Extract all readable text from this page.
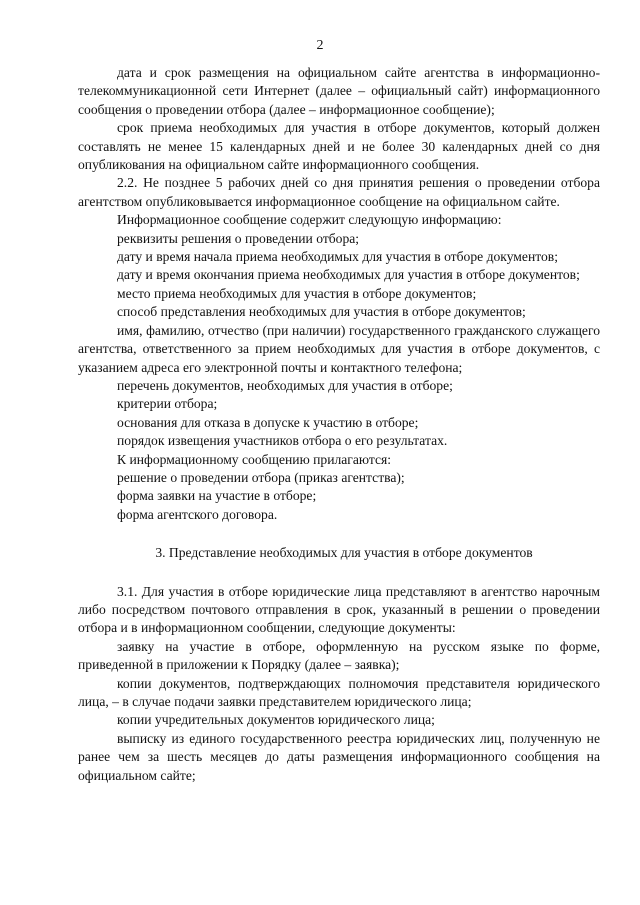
2

дата и срок размещения на официальном сайте агентства в информационно-телекоммуникационной сети Интернет (далее – официальный сайт) информационного сообщения о проведении отбора (далее – информационное сообщение);

срок приема необходимых для участия в отборе документов, который должен составлять не менее 15 календарных дней и не более 30 календарных дней со дня опубликования на официальном сайте информационного сообщения.

2.2. Не позднее 5 рабочих дней со дня принятия решения о проведении отбора агентством опубликовывается информационное сообщение на официальном сайте.

Информационное сообщение содержит следующую информацию:

реквизиты решения о проведении отбора;

дату и время начала приема необходимых для участия в отборе документов;

дату и время окончания приема необходимых для участия в отборе документов;

место приема необходимых для участия в отборе документов;

способ представления необходимых для участия в отборе документов;

имя, фамилию, отчество (при наличии) государственного гражданского служащего агентства, ответственного за прием необходимых для участия в отборе документов, с указанием адреса его электронной почты и контактного телефона;

перечень документов, необходимых для участия в отборе;

критерии отбора;

основания для отказа в допуске к участию в отборе;

порядок извещения участников отбора о его результатах.

К информационному сообщению прилагаются:

решение о проведении отбора (приказ агентства);

форма заявки на участие в отборе;

форма агентского договора.

3. Представление необходимых для участия в отборе документов

3.1. Для участия в отборе юридические лица представляют в агентство нарочным либо посредством почтового отправления в срок, указанный в решении о проведении отбора и в информационном сообщении, следующие документы:

заявку на участие в отборе, оформленную на русском языке по форме, приведенной в приложении к Порядку (далее – заявка);

копии документов, подтверждающих полномочия представителя юридического лица, – в случае подачи заявки представителем юридического лица;

копии учредительных документов юридического лица;

выписку из единого государственного реестра юридических лиц, полученную не ранее чем за шесть месяцев до даты размещения информационного сообщения на официальном сайте;
